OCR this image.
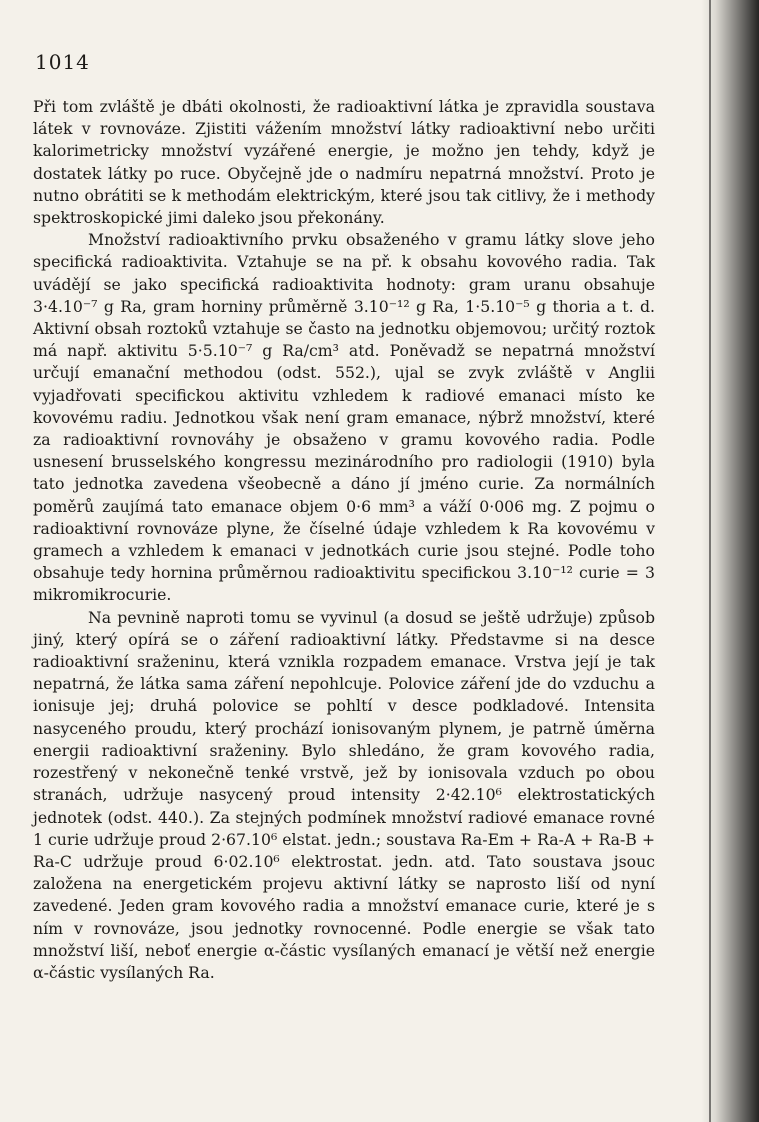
1014

Při tom zvláště je dbáti okolnosti, že radioaktivní látka je zpravidla soustava látek v rovnováze. Zjistiti vážením množství látky radioaktivní nebo určiti kalorimetricky množství vyzářené energie, je možno jen tehdy, když je dostatek látky po ruce. Obyčejně jde o nadmíru nepatrná množství. Proto je nutno obrátiti se k methodám elektrickým, které jsou tak citlivy, že i methody spektroskopické jimi daleko jsou překonány.

Množství radioaktivního prvku obsaženého v gramu látky slove jeho specifická radioaktivita. Vztahuje se na př. k obsahu kovového radia. Tak uvádějí se jako specifická radioaktivita hodnoty: gram uranu obsahuje 3·4.10⁻⁷ g Ra, gram horniny průměrně 3.10⁻¹² g Ra, 1·5.10⁻⁵ g thoria a t. d. Aktivní obsah roztoků vztahuje se často na jednotku objemovou; určitý roztok má např. aktivitu 5·5.10⁻⁷ g Ra/cm³ atd. Poněvadž se nepatrná množství určují emanační methodou (odst. 552.), ujal se zvyk zvláště v Anglii vyjadřovati specifickou aktivitu vzhledem k radiové emanaci místo ke kovovému radiu. Jednotkou však není gram emanace, nýbrž množství, které za radioaktivní rovnováhy je obsaženo v gramu kovového radia. Podle usnesení brusselského kongressu mezinárodního pro radiologii (1910) byla tato jednotka zavedena všeobecně a dáno jí jméno curie. Za normálních poměrů zaujímá tato emanace objem 0·6 mm³ a váží 0·006 mg. Z pojmu o radioaktivní rovnováze plyne, že číselné údaje vzhledem k Ra kovovému v gramech a vzhledem k emanaci v jednotkách curie jsou stejné. Podle toho obsahuje tedy hornina průměrnou radioaktivitu specifickou 3.10⁻¹² curie = 3 mikromikrocurie.

Na pevnině naproti tomu se vyvinul (a dosud se ještě udržuje) způsob jiný, který opírá se o záření radioaktivní látky. Představme si na desce radioaktivní sraženinu, která vznikla rozpadem emanace. Vrstva její je tak nepatrná, že látka sama záření nepohlcuje. Polovice záření jde do vzduchu a ionisuje jej; druhá polovice se pohltí v desce podkladové. Intensita nasyceného proudu, který prochází ionisovaným plynem, je patrně úměrna energii radioaktivní sraženiny. Bylo shledáno, že gram kovového radia, rozestřený v nekonečně tenké vrstvě, jež by ionisovala vzduch po obou stranách, udržuje nasycený proud intensity 2·42.10⁶ elektrostatických jednotek (odst. 440.). Za stejných podmínek množství radiové emanace rovné 1 curie udržuje proud 2·67.10⁶ elstat. jedn.; soustava Ra-Em + Ra-A + Ra-B + Ra-C udržuje proud 6·02.10⁶ elektrostat. jedn. atd. Tato soustava jsouc založena na energetickém projevu aktivní látky se naprosto liší od nyní zavedené. Jeden gram kovového radia a množství emanace curie, které je s ním v rovnováze, jsou jednotky rovnocenné. Podle energie se však tato množství liší, neboť energie α-částic vysílaných emanací je větší než energie α-částic vysílaných Ra.
